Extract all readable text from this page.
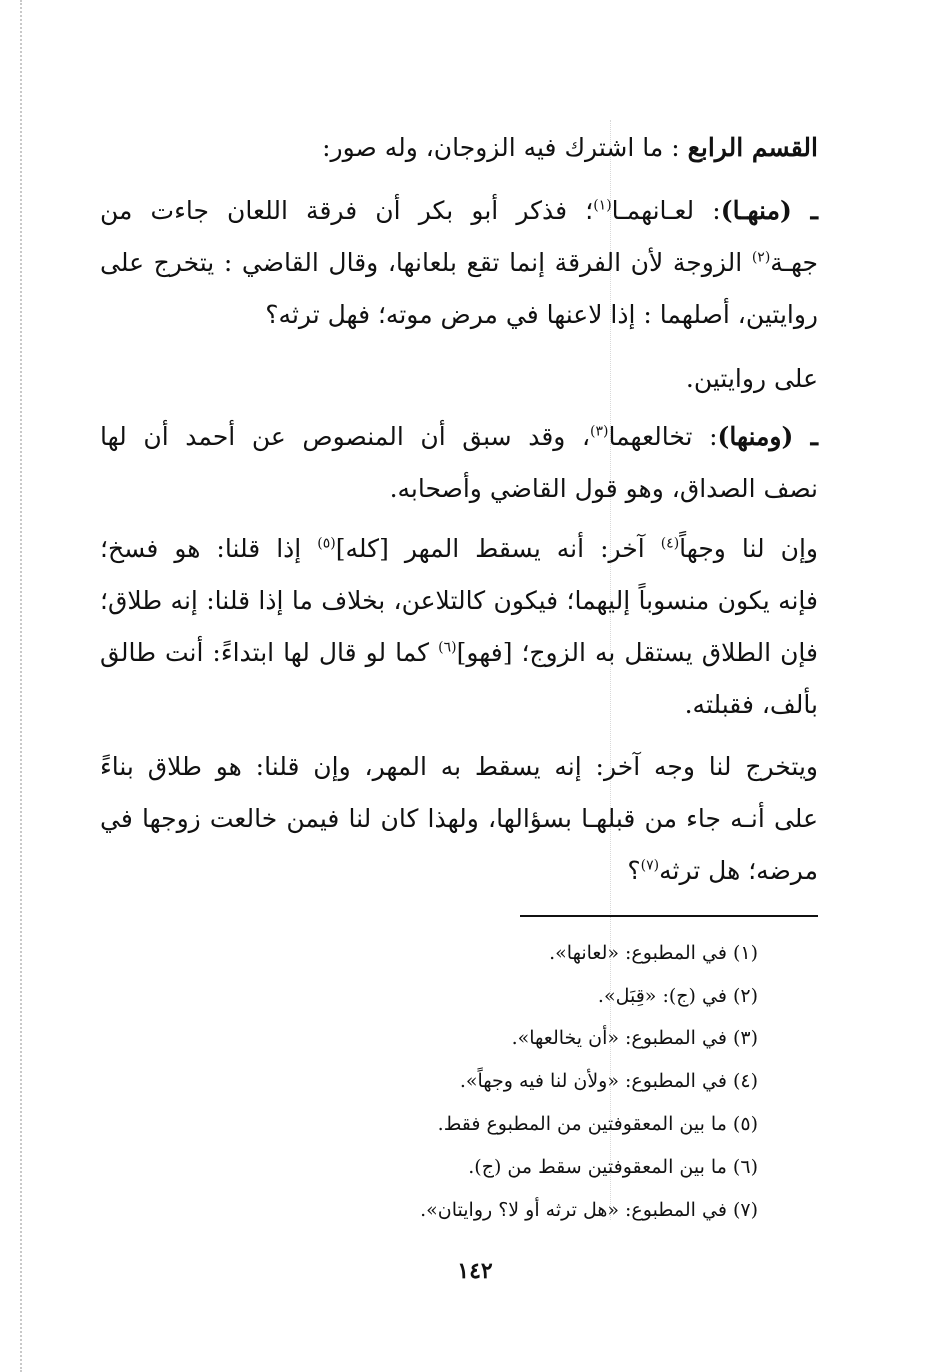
القسم الرابع : ما اشترك فيه الزوجان، وله صور:
ـ (منهـا): لعـانهمـا$^{(١)}$؛ فذكر أبو بكر أن فرقة اللعان جاءت من
جهـة$^{(٢)}$ الزوجة لأن الفرقة إنما تقع بلعانها، وقال القاضي : يتخرج على
روايتين، أصلهما : إذا لاعنها في مرض موته؛ فهل ترثه؟
على روايتين.
ـ (ومنها): تخالعهما$^{(٣)}$، وقد سبق أن المنصوص عن أحمد أن لها
نصف الصداق، وهو قول القاضي وأصحابه.
وإن لنا وجهاً$^{(٤)}$ آخر: أنه يسقط المهر [كله]$^{(٥)}$ إذا قلنا: هو فسخ؛
فإنه يكون منسوباً إليهما؛ فيكون كالتلاعن، بخلاف ما إذا قلنا: إنه طلاق؛
فإن الطلاق يستقل به الزوج؛ [فهو]$^{(٦)}$ كما لو قال لها ابتداءً: أنت طالق
بألف، فقبلته.
ويتخرج لنا وجه آخر: إنه يسقط به المهر، وإن قلنا: هو طلاق بناءً
على أنـه جاء من قبلهـا بسؤالها، ولهذا كان لنا فيمن خالعت زوجها في
مرضه؛ هل ترثه$^{(٧)}$؟
(١) في المطبوع: «لعانها».
(٢) في (ج): «قِبَل».
(٣) في المطبوع: «أن يخالعها».
(٤) في المطبوع: «ولأن لنا فيه وجهاً».
(٥) ما بين المعقوفتين من المطبوع فقط.
(٦) ما بين المعقوفتين سقط من (ج).
(٧) في المطبوع: «هل ترثه أو لا؟ روايتان».
١٤٢
